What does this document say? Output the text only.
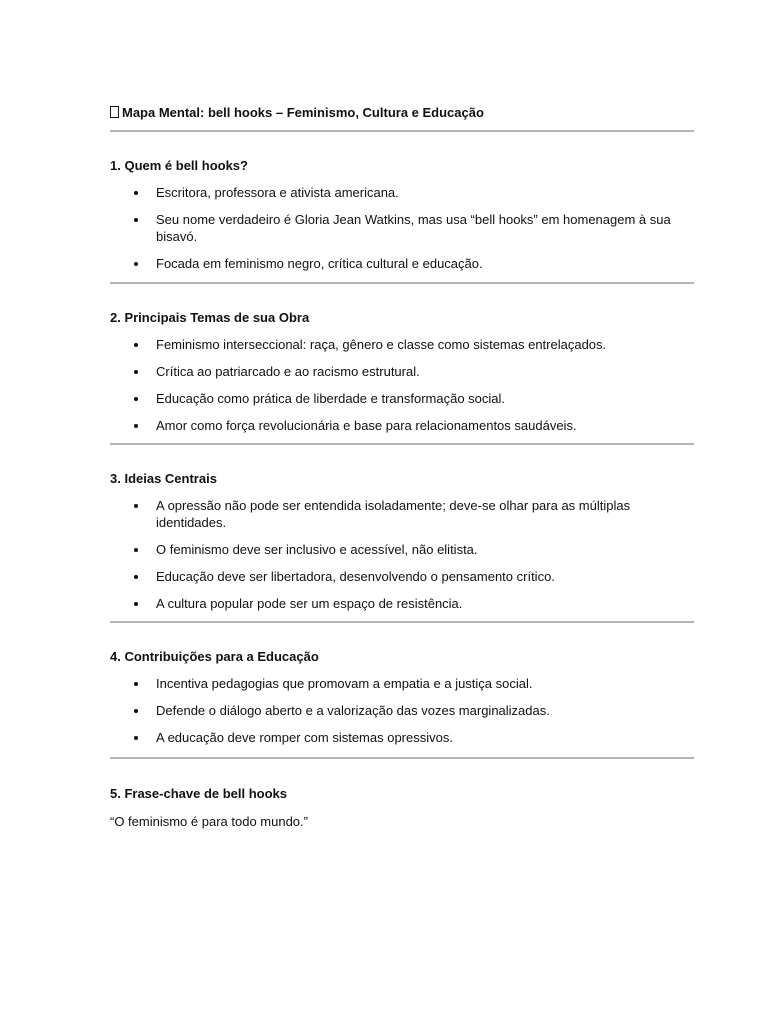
Mapa Mental: bell hooks – Feminismo, Cultura e Educação

1. Quem é bell hooks?

Escritora, professora e ativista americana.
Seu nome verdadeiro é Gloria Jean Watkins, mas usa “bell hooks” em homenagem à sua bisavó.
Focada em feminismo negro, crítica cultural e educação.

2. Principais Temas de sua Obra

Feminismo interseccional: raça, gênero e classe como sistemas entrelaçados.
Crítica ao patriarcado e ao racismo estrutural.
Educação como prática de liberdade e transformação social.
Amor como força revolucionária e base para relacionamentos saudáveis.

3. Ideias Centrais

A opressão não pode ser entendida isoladamente; deve-se olhar para as múltiplas identidades.
O feminismo deve ser inclusivo e acessível, não elitista.
Educação deve ser libertadora, desenvolvendo o pensamento crítico.
A cultura popular pode ser um espaço de resistência.

4. Contribuições para a Educação

Incentiva pedagogias que promovam a empatia e a justiça social.
Defende o diálogo aberto e a valorização das vozes marginalizadas.
A educação deve romper com sistemas opressivos.

5. Frase-chave de bell hooks

“O feminismo é para todo mundo.”
